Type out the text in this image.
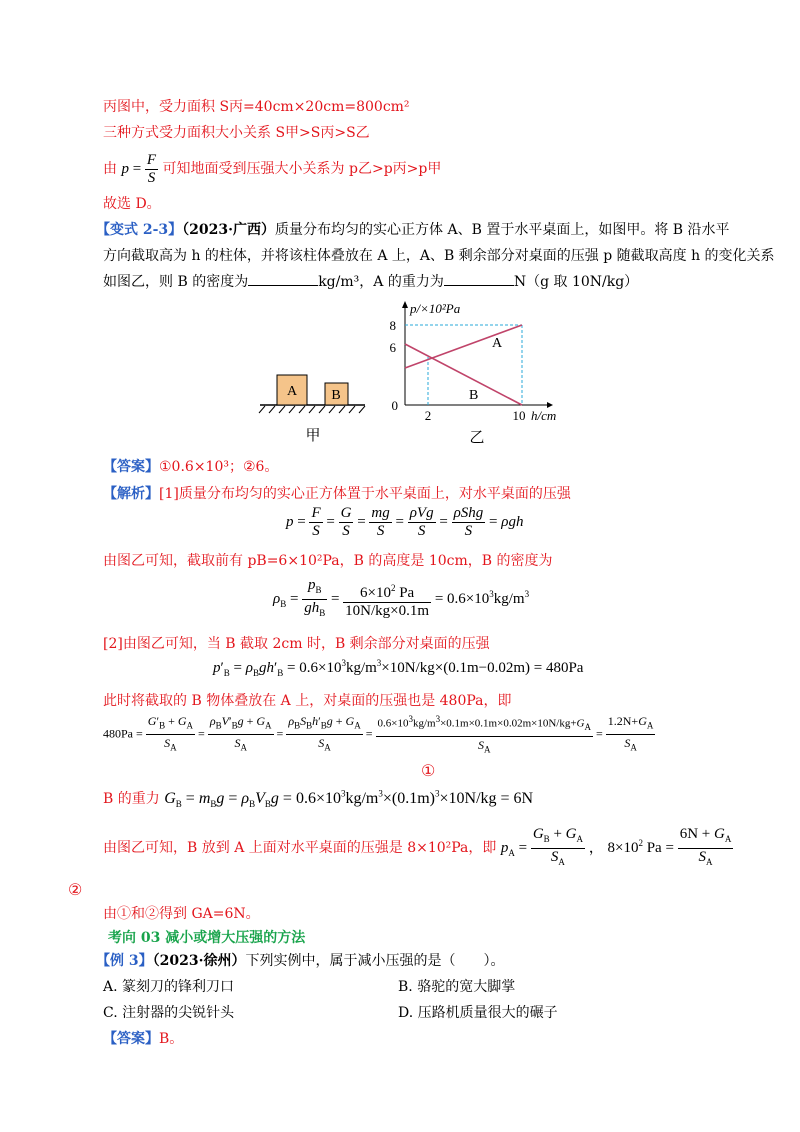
丙图中，受力面积 S丙=40cm×20cm=800cm²
三种方式受力面积大小关系 S甲>S丙>S乙
由 $p = \frac{F}{S}$ 可知地面受到压强大小关系为 p乙>p丙>p甲
故选 D。
【变式 2-3】（2023·广西）质量分布均匀的实心正方体 A、B 置于水平桌面上，如图甲。将 B 沿水平
方向截取高为 h 的柱体，并将该柱体叠放在 A 上，A、B 剩余部分对桌面的压强 p 随截取高度 h 的变化关系
如图乙，则 B 的密度为	kg/m³，A 的重力为	N（g 取 10N/kg）
A B
甲
A
B
8
6
0
2	10
p/×10²Pa
h/cm
乙
【答案】①0.6×10³；②6。
【解析】[1]质量分布均匀的实心正方体置于水平桌面上，对水平桌面的压强
$p = \frac{F}{S} = \frac{G}{S} = \frac{mg}{S} = \frac{\text{ρVg}}{S} = \frac{\text{ρShg}}{S} = \rho gh$
由图乙可知，截取前有 pB=6×10²Pa，B 的高度是 10cm，B 的密度为
$\rho_B = \frac{p_B}{gh_B} = \frac{6\times 10^2 Pa}{10N/kg\times 0.1m} = 0.6\times 10^3kg/m^3$
[2]由图乙可知，当 B 截取 2cm 时，B 剩余部分对桌面的压强
$p'_B = \rho_Bgh'_B = 0.6\times 10^3kg/m^3\times 10N/kg\times(0.1m-0.02m) = 480Pa$
此时将截取的 B 物体叠放在 A 上，对桌面的压强也是 480Pa，即
$480Pa = \frac{G'_B + G_A}{S_A} = \frac{\rho_BV'_Bg + G_A}{S_A} = \frac{\rho_BS_Bh'_Bg + G_A}{S_A} = \frac{0.6\times 10^3kg/m^3\times 0.1m\times 0.1m\times 0.02m\times 10N/kg+G_A}{S_A} = \frac{1.2N+G_A}{S_A}$
①
B 的重力 $G_B = m_Bg = \rho_BV_Bg = 0.6\times 10^3kg/m^3\times(0.1m)^3\times 10N/kg = 6N$
由图乙可知，B 放到 A 上面对水平桌面的压强是 8×10²Pa，即 $p_A = \frac{G_B + G_A}{S_A}$ ， $8\times 10^2$ $Pa = \frac{6N + G_A}{S_A}$
②
由①和②得到 GA=6N。
考向 03 减小或增大压强的方法
【例 3】（2023·徐州）下列实例中，属于减小压强的是（　　）。
A. 篆刻刀的锋利刀口	B. 骆驼的宽大脚掌
C. 注射器的尖锐针头	D. 压路机质量很大的碾子
【答案】B。
